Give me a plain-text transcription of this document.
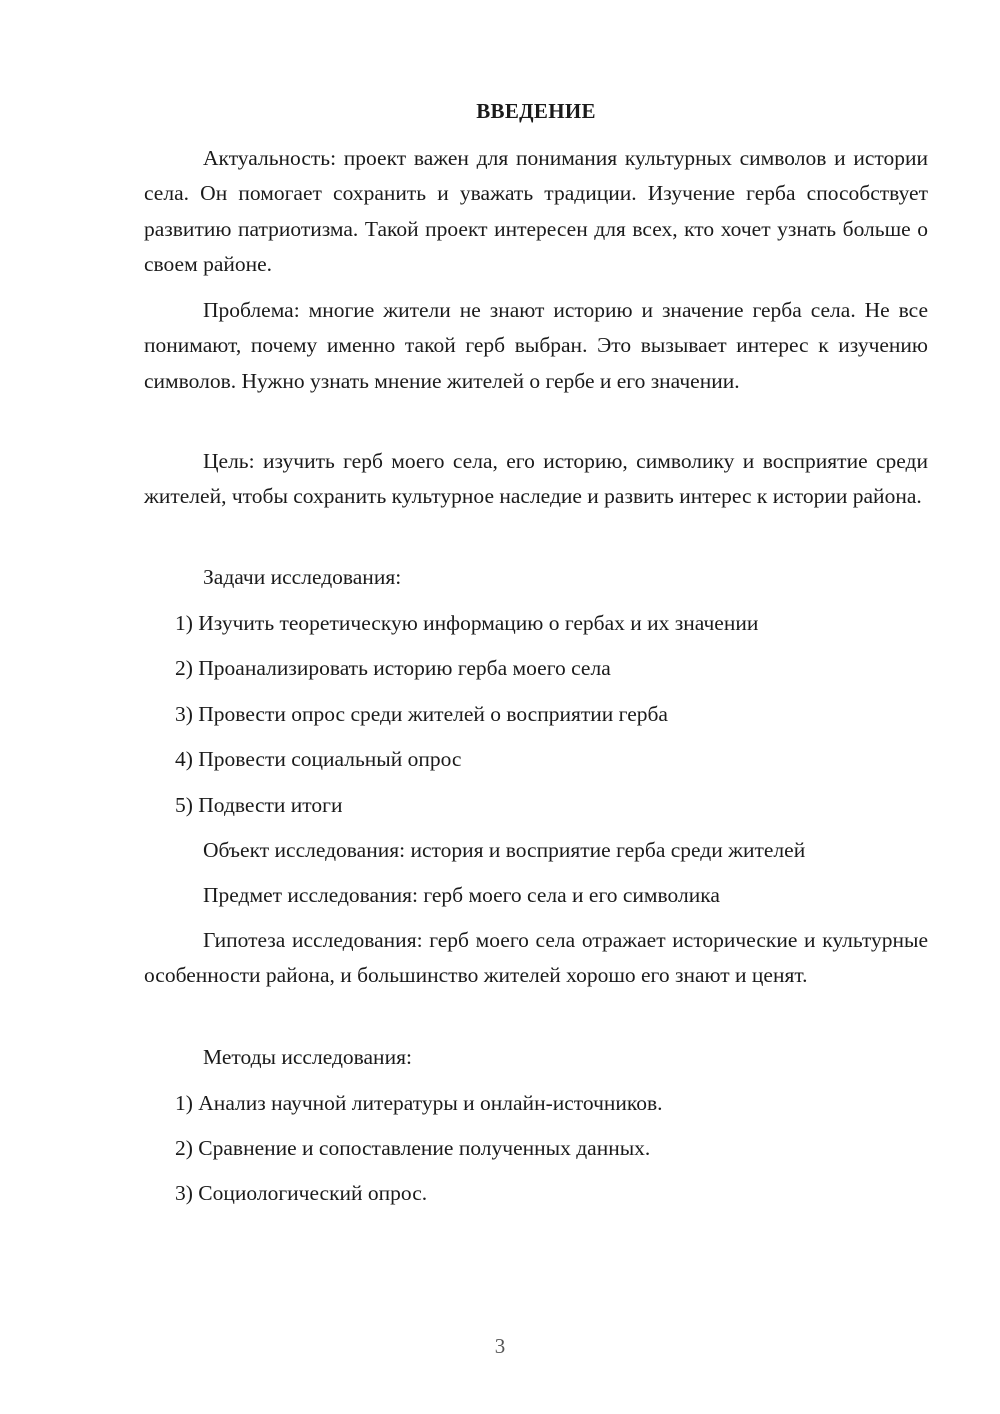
ВВЕДЕНИЕ

Актуальность: проект важен для понимания культурных символов и истории села. Он помогает сохранить и уважать традиции. Изучение герба способствует развитию патриотизма. Такой проект интересен для всех, кто хочет узнать больше о своем районе.

Проблема: многие жители не знают историю и значение герба села. Не все понимают, почему именно такой герб выбран. Это вызывает интерес к изучению символов. Нужно узнать мнение жителей о гербе и его значении.

Цель: изучить герб моего села, его историю, символику и восприятие среди жителей, чтобы сохранить культурное наследие и развить интерес к истории района.

Задачи исследования:

1) Изучить теоретическую информацию о гербах и их значении

2) Проанализировать историю герба моего села

3) Провести опрос среди жителей о восприятии герба

4) Провести социальный опрос

5) Подвести итоги

Объект исследования: история и восприятие герба среди жителей

Предмет исследования: герб моего села и его символика

Гипотеза исследования: герб моего села отражает исторические и культурные особенности района, и большинство жителей хорошо его знают и ценят.

Методы исследования:

1) Анализ научной литературы и онлайн-источников.

2) Сравнение и сопоставление полученных данных.

3) Социологический опрос.

3
